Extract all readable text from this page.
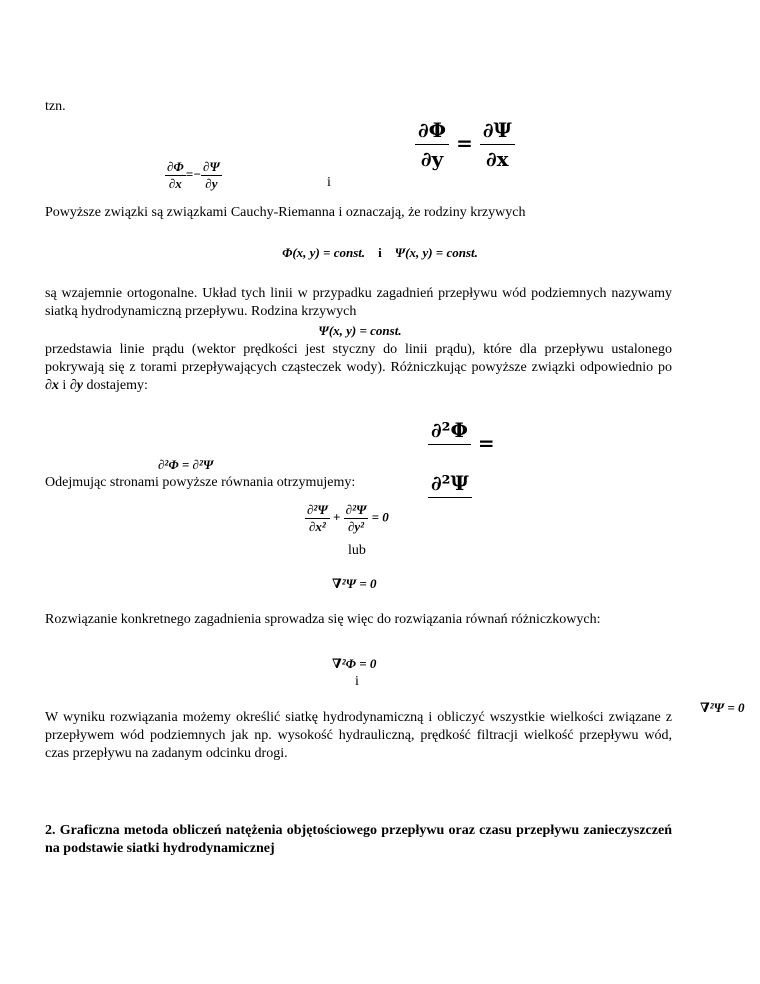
tzn.
$\frac{\partial\Phi}{\partial x} =- \frac{\partial\Psi}{\partial y}$	i
$\frac{\partial\Phi}{\partial y} = \frac{\partial\Psi}{\partial x}$
Powyższe związki są związkami Cauchy-Riemanna i oznaczają, że rodziny krzywych
Φ(x, y) = const. i Ψ(x, y) = const.
są wzajemnie ortogonalne. Układ tych linii w przypadku zagadnień przepływu wód podziemnych nazywamy siatką hydrodynamiczną przepływu. Rodzina krzywych
Ψ(x, y) = const.
przedstawia linie prądu (wektor prędkości jest styczny do linii prądu), które dla przepływu ustalonego pokrywają się z torami przepływających cząsteczek wody). Różniczkując powyższe związki odpowiednio po ∂x i ∂y dostajemy:
∂²Φ = ∂²Ψ
∂²Φ

=
∂²Ψ

Odejmując stronami powyższe równania otrzymujemy:
$\frac{\text{∂²Ψ}}{\text{∂x²}} + \frac{\text{∂²Ψ}}{\text{∂y²}} = 0$
lub
∇²Ψ = 0
Rozwiązanie konkretnego zagadnienia sprowadza się więc do rozwiązania równań różniczkowych:
∇²Φ = 0
i
∇²Ψ = 0
W wyniku rozwiązania możemy określić siatkę hydrodynamiczną i obliczyć wszystkie wielkości związane z przepływem wód podziemnych jak np. wysokość hydrauliczną, prędkość filtracji wielkość przepływu wód, czas przepływu na zadanym odcinku drogi.
2. Graficzna metoda obliczeń natężenia objętościowego przepływu oraz czasu przepływu zanieczyszczeń na podstawie siatki hydrodynamicznej
